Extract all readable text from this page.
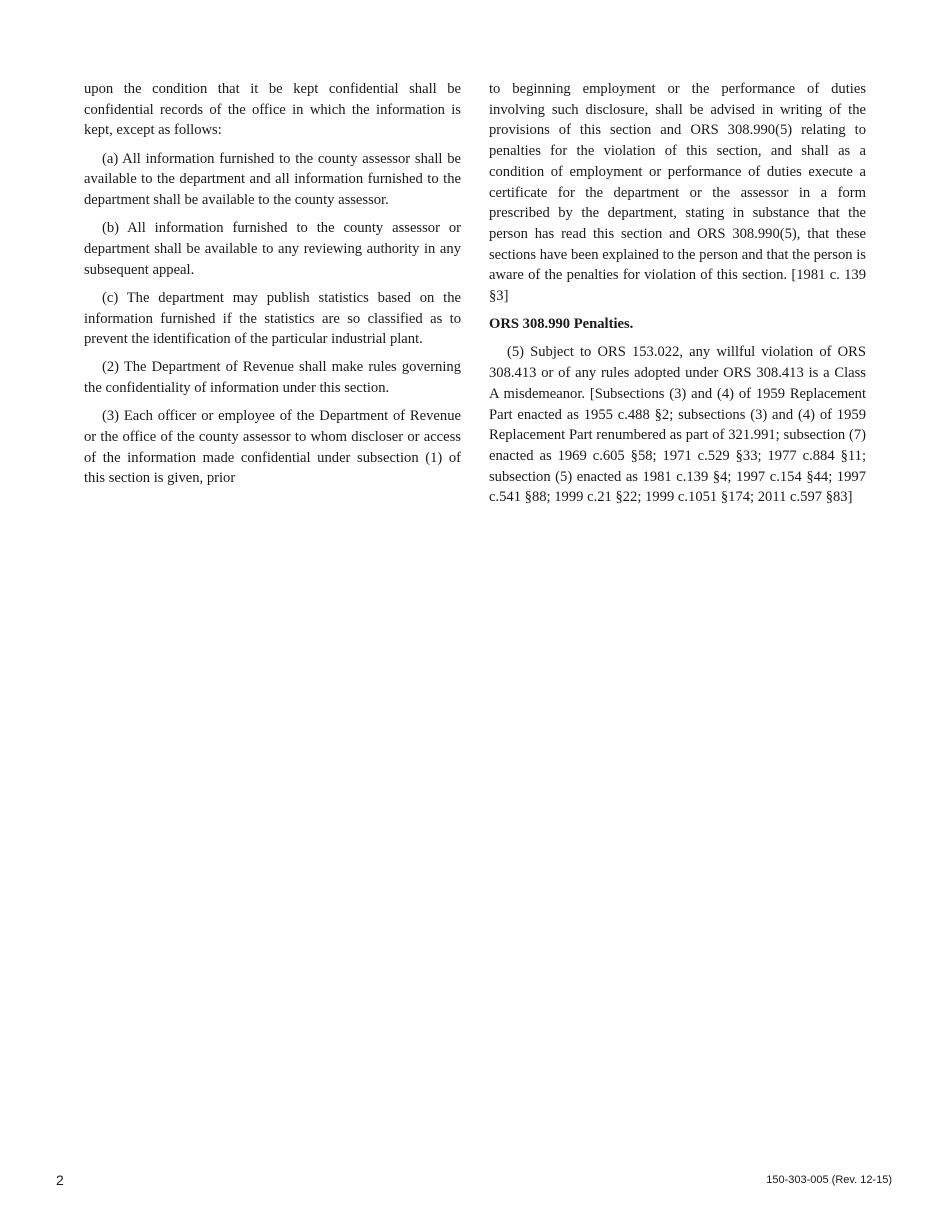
upon the condition that it be kept confidential shall be confidential records of the office in which the information is kept, except as follows:

(a) All information furnished to the county assessor shall be available to the department and all information furnished to the department shall be available to the county assessor.

(b) All information furnished to the county assessor or department shall be available to any reviewing authority in any subsequent appeal.

(c) The department may publish statistics based on the information furnished if the statistics are so classified as to prevent the identification of the particular industrial plant.

(2) The Department of Revenue shall make rules governing the confidentiality of information under this section.

(3) Each officer or employee of the Department of Revenue or the office of the county assessor to whom discloser or access of the information made confidential under subsection (1) of this section is given, prior

to beginning employment or the performance of duties involving such disclosure, shall be advised in writing of the provisions of this section and ORS 308.990(5) relating to penalties for the violation of this section, and shall as a condition of employment or performance of duties execute a certificate for the department or the assessor in a form prescribed by the department, stating in substance that the person has read this section and ORS 308.990(5), that these sections have been explained to the person and that the person is aware of the penalties for violation of this section. [1981 c. 139 §3]

ORS 308.990 Penalties.

(5) Subject to ORS 153.022, any willful violation of ORS 308.413 or of any rules adopted under ORS 308.413 is a Class A misdemeanor. [Subsections (3) and (4) of 1959 Replacement Part enacted as 1955 c.488 §2; subsections (3) and (4) of 1959 Replacement Part renumbered as part of 321.991; subsection (7) enacted as 1969 c.605 §58; 1971 c.529 §33; 1977 c.884 §11; subsection (5) enacted as 1981 c.139 §4; 1997 c.154 §44; 1997 c.541 §88; 1999 c.21 §22; 1999 c.1051 §174; 2011 c.597 §83]

2	150-303-005 (Rev. 12-15)
